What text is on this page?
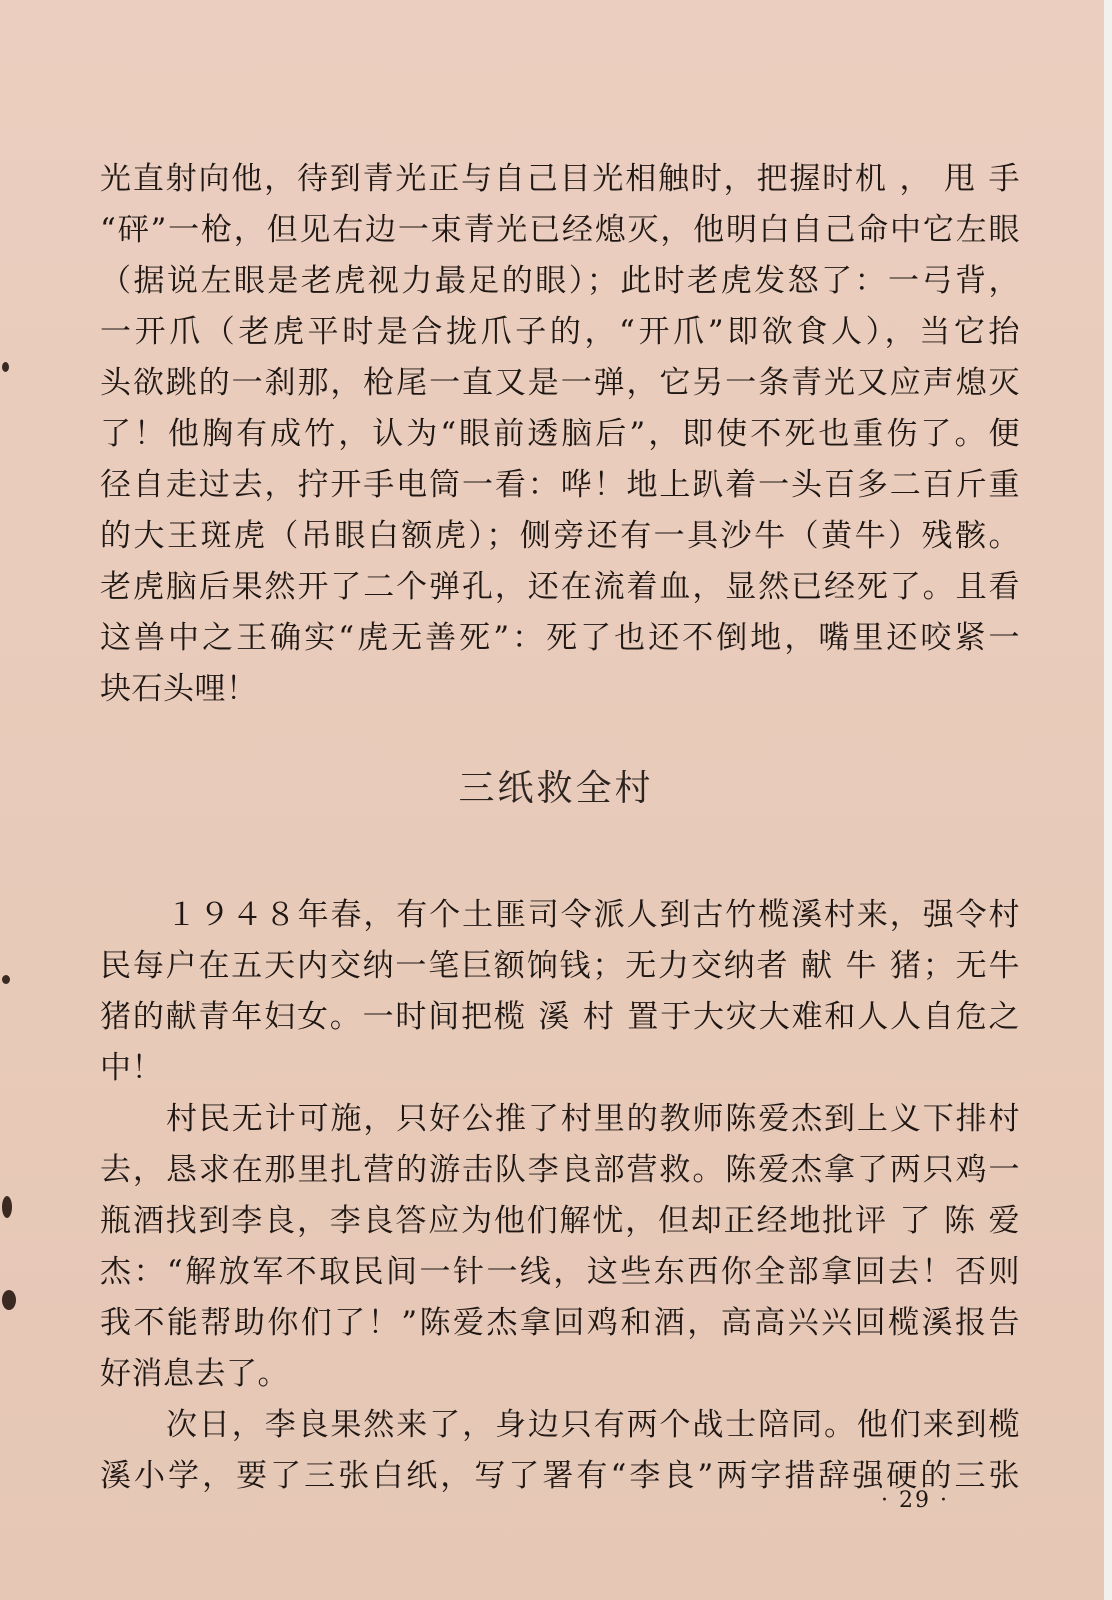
光直射向他，待到青光正与自己目光相触时，把握时机 ， 甩 手
“砰”一枪，但见右边一束青光已经熄灭，他明白自己命中它左眼
（据说左眼是老虎视力最足的眼）；此时老虎发怒了：一弓背，
一开爪（老虎平时是合拢爪子的，“开爪”即欲食人），当它抬
头欲跳的一刹那，枪尾一直又是一弹，它另一条青光又应声熄灭
了！他胸有成竹，认为“眼前透脑后”，即使不死也重伤了。便
径自走过去，拧开手电筒一看：哗！地上趴着一头百多二百斤重
的大王斑虎（吊眼白额虎）；侧旁还有一具沙牛（黄牛）残骸。
老虎脑后果然开了二个弹孔，还在流着血，显然已经死了。且看
这兽中之王确实“虎无善死”：死了也还不倒地，嘴里还咬紧一
块石头哩！
三纸救全村
１９４８年春，有个土匪司令派人到古竹榄溪村来，强令村
民每户在五天内交纳一笔巨额饷钱；无力交纳者 献 牛 猪；无牛
猪的献青年妇女。一时间把榄 溪 村 置于大灾大难和人人自危之
中！
村民无计可施，只好公推了村里的教师陈爱杰到上义下排村
去，恳求在那里扎营的游击队李良部营救。陈爱杰拿了两只鸡一
瓶酒找到李良，李良答应为他们解忧，但却正经地批评 了 陈 爱
杰：“解放军不取民间一针一线，这些东西你全部拿回去！否则
我不能帮助你们了！”陈爱杰拿回鸡和酒，高高兴兴回榄溪报告
好消息去了。
次日，李良果然来了，身边只有两个战士陪同。他们来到榄
溪小学，要了三张白纸，写了署有“李良”两字措辞强硬的三张
· 29 ·
